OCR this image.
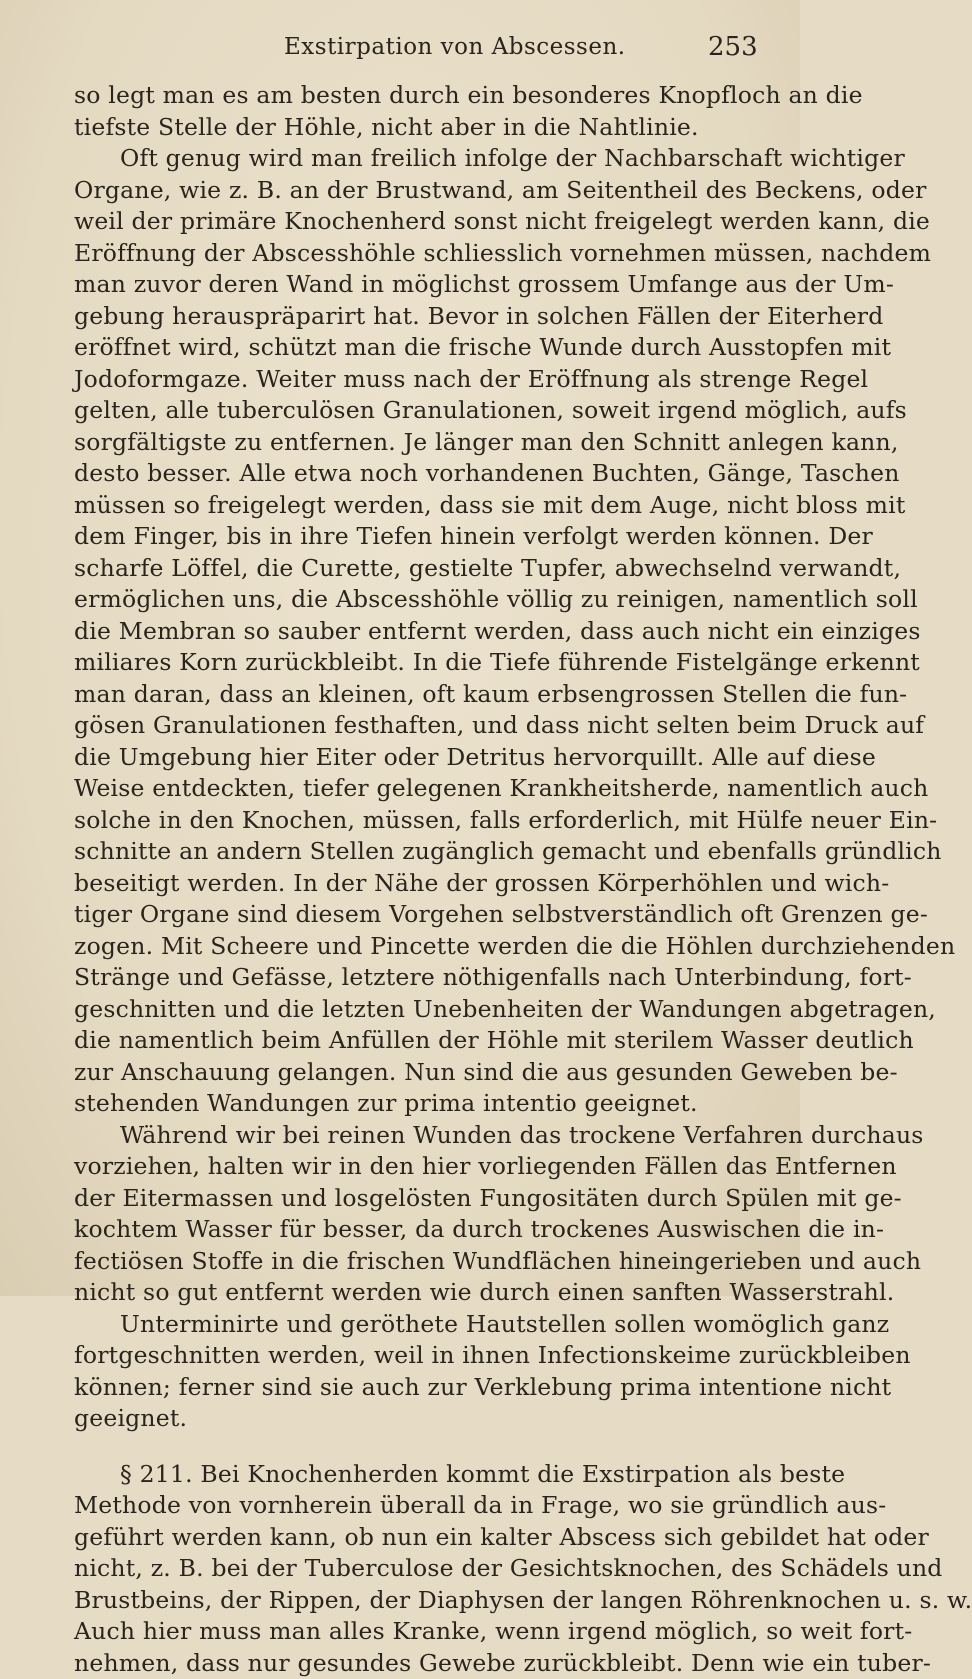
Exstirpation von Abscessen.	253
so legt man es am besten durch ein besonderes Knopfloch an die
tiefste Stelle der Höhle, nicht aber in die Nahtlinie.
Oft genug wird man freilich infolge der Nachbarschaft wichtiger
Organe, wie z. B. an der Brustwand, am Seitentheil des Beckens, oder
weil der primäre Knochenherd sonst nicht freigelegt werden kann, die
Eröffnung der Abscesshöhle schliesslich vornehmen müssen, nachdem
man zuvor deren Wand in möglichst grossem Umfange aus der Um-
gebung herauspräparirt hat. Bevor in solchen Fällen der Eiterherd
eröffnet wird, schützt man die frische Wunde durch Ausstopfen mit
Jodoformgaze. Weiter muss nach der Eröffnung als strenge Regel
gelten, alle tuberculösen Granulationen, soweit irgend möglich, aufs
sorgfältigste zu entfernen. Je länger man den Schnitt anlegen kann,
desto besser. Alle etwa noch vorhandenen Buchten, Gänge, Taschen
müssen so freigelegt werden, dass sie mit dem Auge, nicht bloss mit
dem Finger, bis in ihre Tiefen hinein verfolgt werden können. Der
scharfe Löffel, die Curette, gestielte Tupfer, abwechselnd verwandt,
ermöglichen uns, die Abscesshöhle völlig zu reinigen, namentlich soll
die Membran so sauber entfernt werden, dass auch nicht ein einziges
miliares Korn zurückbleibt. In die Tiefe führende Fistelgänge erkennt
man daran, dass an kleinen, oft kaum erbsengrossen Stellen die fun-
gösen Granulationen festhaften, und dass nicht selten beim Druck auf
die Umgebung hier Eiter oder Detritus hervorquillt. Alle auf diese
Weise entdeckten, tiefer gelegenen Krankheitsherde, namentlich auch
solche in den Knochen, müssen, falls erforderlich, mit Hülfe neuer Ein-
schnitte an andern Stellen zugänglich gemacht und ebenfalls gründlich
beseitigt werden. In der Nähe der grossen Körperhöhlen und wich-
tiger Organe sind diesem Vorgehen selbstverständlich oft Grenzen ge-
zogen. Mit Scheere und Pincette werden die die Höhlen durchziehenden
Stränge und Gefässe, letztere nöthigenfalls nach Unterbindung, fort-
geschnitten und die letzten Unebenheiten der Wandungen abgetragen,
die namentlich beim Anfüllen der Höhle mit sterilem Wasser deutlich
zur Anschauung gelangen. Nun sind die aus gesunden Geweben be-
stehenden Wandungen zur prima intentio geeignet.
Während wir bei reinen Wunden das trockene Verfahren durchaus
vorziehen, halten wir in den hier vorliegenden Fällen das Entfernen
der Eitermassen und losgelösten Fungositäten durch Spülen mit ge-
kochtem Wasser für besser, da durch trockenes Auswischen die in-
fectiösen Stoffe in die frischen Wundflächen hineingerieben und auch
nicht so gut entfernt werden wie durch einen sanften Wasserstrahl.
Unterminirte und geröthete Hautstellen sollen womöglich ganz
fortgeschnitten werden, weil in ihnen Infectionskeime zurückbleiben
können; ferner sind sie auch zur Verklebung prima intentione nicht
geeignet.
§ 211. Bei Knochenherden kommt die Exstirpation als beste
Methode von vornherein überall da in Frage, wo sie gründlich aus-
geführt werden kann, ob nun ein kalter Abscess sich gebildet hat oder
nicht, z. B. bei der Tuberculose der Gesichtsknochen, des Schädels und
Brustbeins, der Rippen, der Diaphysen der langen Röhrenknochen u. s. w.
Auch hier muss man alles Kranke, wenn irgend möglich, so weit fort-
nehmen, dass nur gesundes Gewebe zurückbleibt. Denn wie ein tuber-
